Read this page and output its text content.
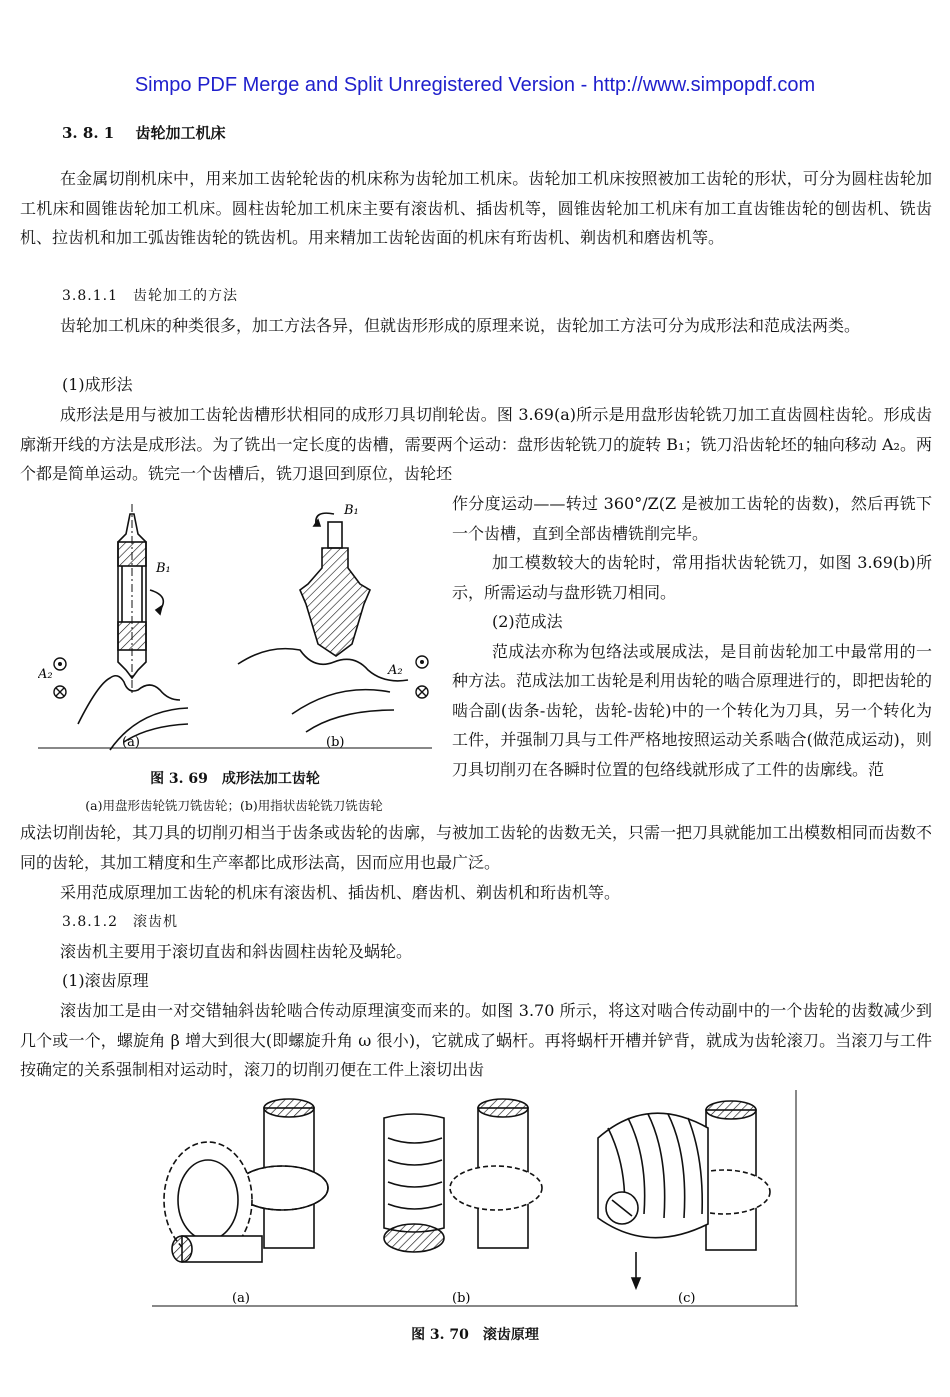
Simpo PDF Merge and Split Unregistered Version - http://www.simpopdf.com
3. 8. 1 齿轮加工机床

在金属切削机床中，用来加工齿轮轮齿的机床称为齿轮加工机床。齿轮加工机床按照被加工齿轮的形状，可分为圆柱齿轮加工机床和圆锥齿轮加工机床。圆柱齿轮加工机床主要有滚齿机、插齿机等，圆锥齿轮加工机床有加工直齿锥齿轮的刨齿机、铣齿机、拉齿机和加工弧齿锥齿轮的铣齿机。用来精加工齿轮齿面的机床有珩齿机、剃齿机和磨齿机等。

3.8.1.1　齿轮加工的方法

齿轮加工机床的种类很多，加工方法各异，但就齿形形成的原理来说，齿轮加工方法可分为成形法和范成法两类。

(1)成形法

成形法是用与被加工齿轮齿槽形状相同的成形刀具切削轮齿。图 3.69(a)所示是用盘形齿轮铣刀加工直齿圆柱齿轮。形成齿廓渐开线的方法是成形法。为了铣出一定长度的齿槽，需要两个运动：盘形齿轮铣刀的旋转 B₁；铣刀沿齿轮坯的轴向移动 A₂。两个都是简单运动。铣完一个齿槽后，铣刀退回到原位，齿轮坯

B₁
A₂
B₁
A₂
(a)	(b)
图 3. 69　成形法加工齿轮
(a)用盘形齿轮铣刀铣齿轮；(b)用指状齿轮铣刀铣齿轮

作分度运动——转过 360°/Z(Z 是被加工齿轮的齿数)，然后再铣下一个齿槽，直到全部齿槽铣削完毕。

加工模数较大的齿轮时，常用指状齿轮铣刀，如图 3.69(b)所示，所需运动与盘形铣刀相同。

(2)范成法

范成法亦称为包络法或展成法，是目前齿轮加工中最常用的一种方法。范成法加工齿轮是利用齿轮的啮合原理进行的，即把齿轮的啮合副(齿条-齿轮，齿轮-齿轮)中的一个转化为刀具，另一个转化为工件，并强制刀具与工件严格地按照运动关系啮合(做范成运动)，则刀具切削刃在各瞬时位置的包络线就形成了工件的齿廓线。范

成法切削齿轮，其刀具的切削刃相当于齿条或齿轮的齿廓，与被加工齿轮的齿数无关，只需一把刀具就能加工出模数相同而齿数不同的齿轮，其加工精度和生产率都比成形法高，因而应用也最广泛。

采用范成原理加工齿轮的机床有滚齿机、插齿机、磨齿机、剃齿机和珩齿机等。

3.8.1.2　滚齿机

滚齿机主要用于滚切直齿和斜齿圆柱齿轮及蜗轮。

(1)滚齿原理

滚齿加工是由一对交错轴斜齿轮啮合传动原理演变而来的。如图 3.70 所示，将这对啮合传动副中的一个齿轮的齿数减少到几个或一个，螺旋角 β 增大到很大(即螺旋升角 ω 很小)，它就成了蜗杆。再将蜗杆开槽并铲背，就成为齿轮滚刀。当滚刀与工件按确定的关系强制相对运动时，滚刀的切削刃便在工件上滚切出齿

(a)	(b)	(c)
图 3. 70　滚齿原理
